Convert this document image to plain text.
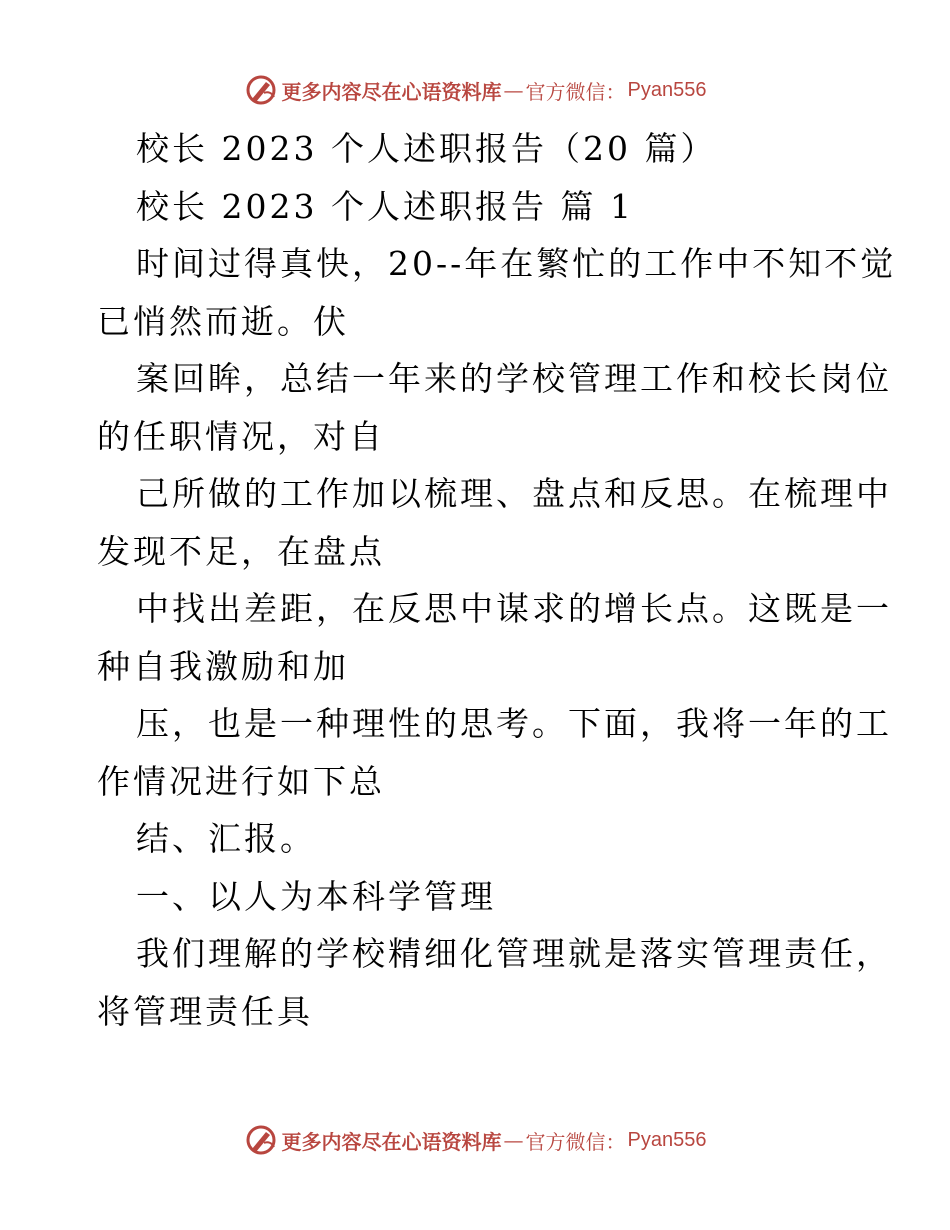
更多内容尽在心语资料库 — 官方微信： Pyan556
校长 2023 个人述职报告（20 篇）
校长 2023 个人述职报告 篇 1
时间过得真快，20--年在繁忙的工作中不知不觉
已悄然而逝。伏
案回眸，总结一年来的学校管理工作和校长岗位
的任职情况，对自
己所做的工作加以梳理、盘点和反思。在梳理中
发现不足，在盘点
中找出差距，在反思中谋求的增长点。这既是一
种自我激励和加
压，也是一种理性的思考。下面，我将一年的工
作情况进行如下总
结、汇报。
一、以人为本科学管理
我们理解的学校精细化管理就是落实管理责任，
将管理责任具
更多内容尽在心语资料库 — 官方微信： Pyan556
